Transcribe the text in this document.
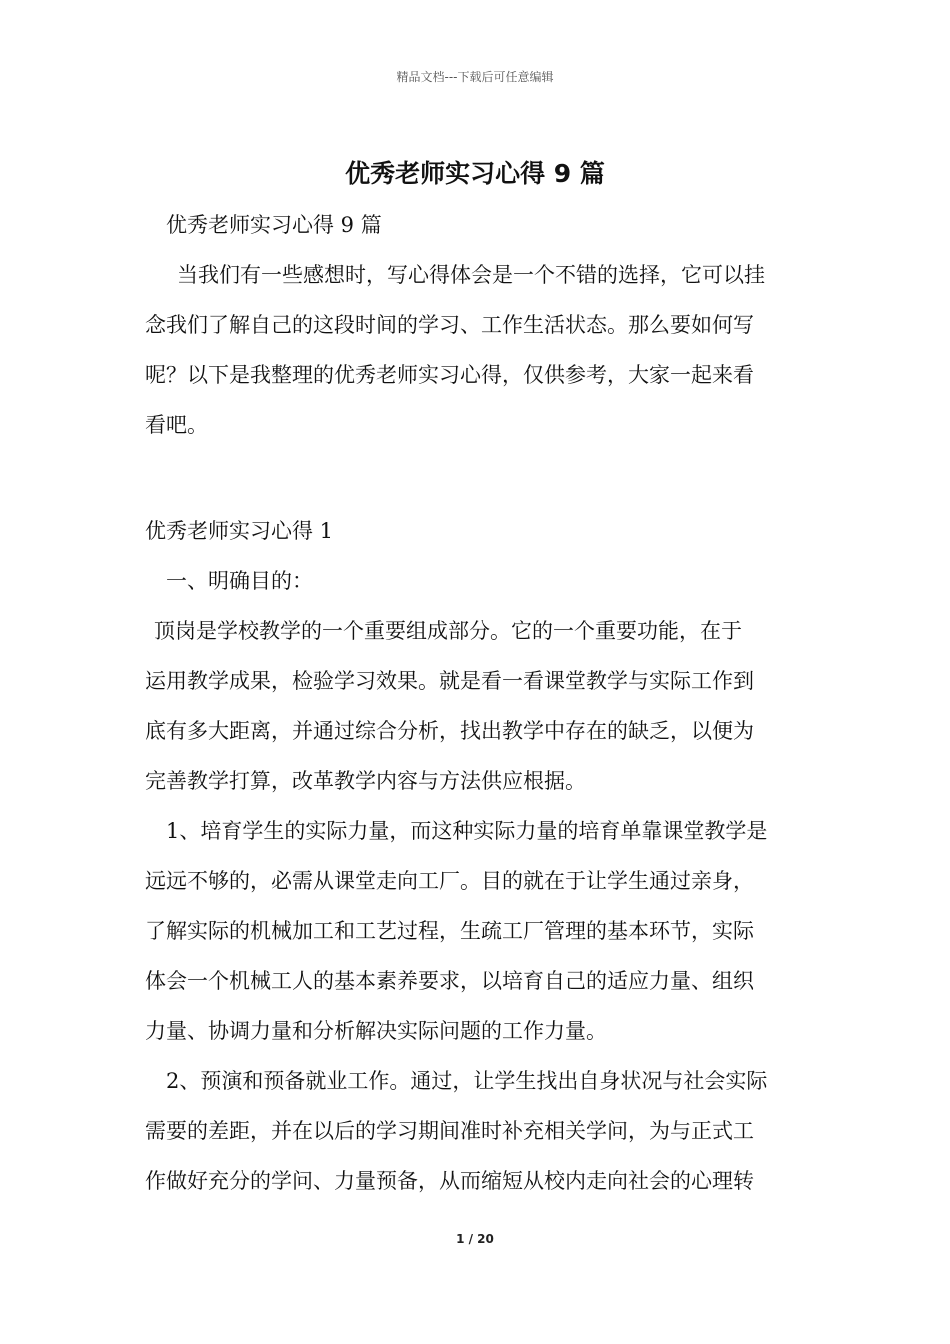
精品文档---下载后可任意编辑
优秀老师实习心得 9 篇
优秀老师实习心得 9 篇
当我们有一些感想时，写心得体会是一个不错的选择，它可以挂
念我们了解自己的这段时间的学习、工作生活状态。那么要如何写
呢？以下是我整理的优秀老师实习心得，仅供参考，大家一起来看
看吧。
优秀老师实习心得 1
一、明确目的：
顶岗是学校教学的一个重要组成部分。它的一个重要功能，在于
运用教学成果，检验学习效果。就是看一看课堂教学与实际工作到
底有多大距离，并通过综合分析，找出教学中存在的缺乏，以便为
完善教学打算，改革教学内容与方法供应根据。
1、培育学生的实际力量，而这种实际力量的培育单靠课堂教学是
远远不够的，必需从课堂走向工厂。目的就在于让学生通过亲身，
了解实际的机械加工和工艺过程，生疏工厂管理的基本环节，实际
体会一个机械工人的基本素养要求，以培育自己的适应力量、组织
力量、协调力量和分析解决实际问题的工作力量。
2、预演和预备就业工作。通过，让学生找出自身状况与社会实际
需要的差距，并在以后的学习期间准时补充相关学问，为与正式工
作做好充分的学问、力量预备，从而缩短从校内走向社会的心理转
1 / 20
